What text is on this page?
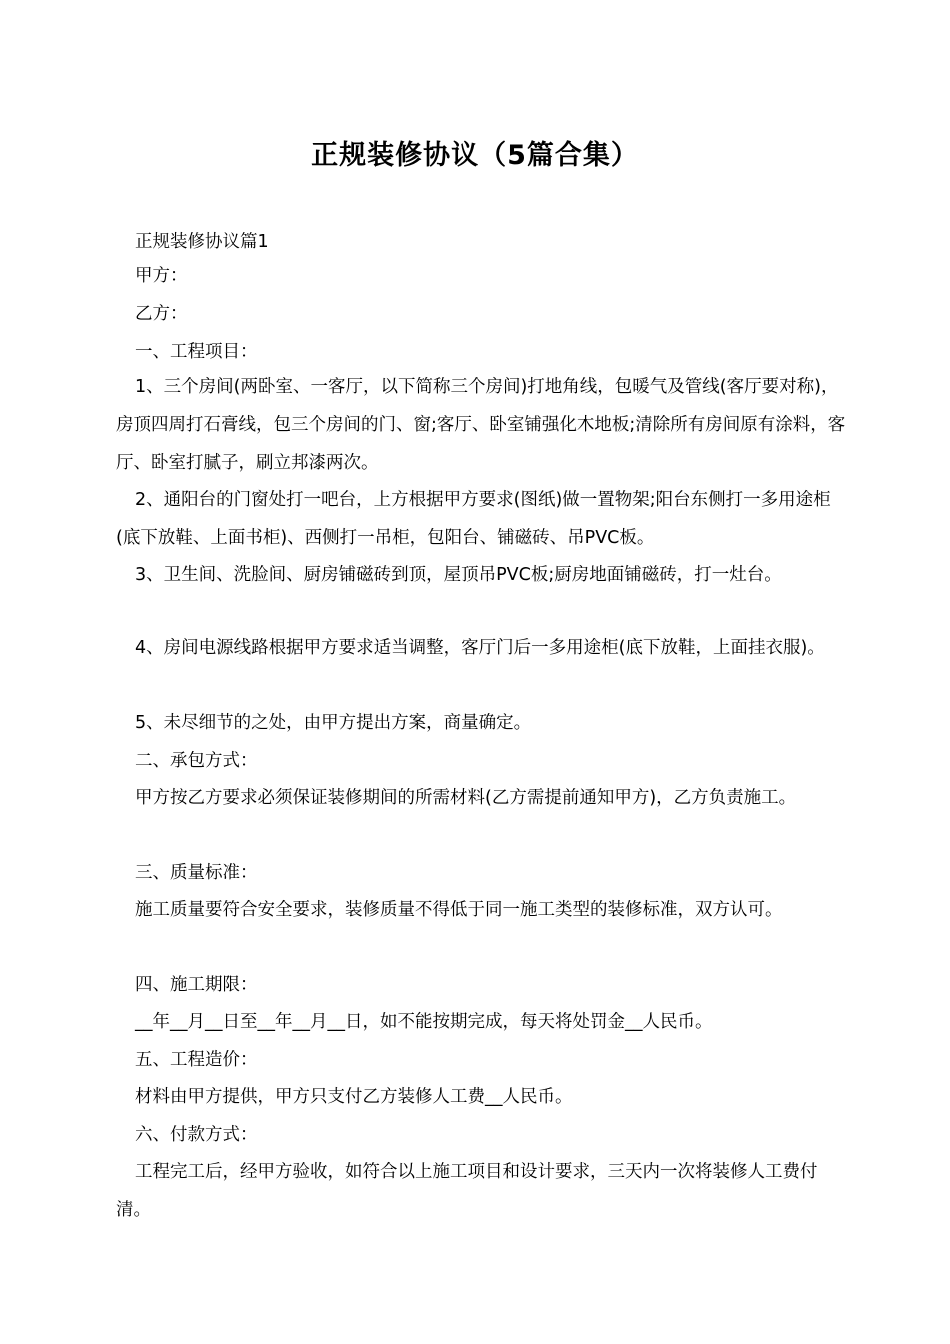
正规装修协议（5篇合集）
正规装修协议篇1
甲方：
乙方：
一、工程项目：
1、三个房间(两卧室、一客厅，以下简称三个房间)打地角线，包暖气及管线(客厅要对称)，房顶四周打石膏线，包三个房间的门、窗;客厅、卧室铺强化木地板;清除所有房间原有涂料，客厅、卧室打腻子，刷立邦漆两次。
2、通阳台的门窗处打一吧台，上方根据甲方要求(图纸)做一置物架;阳台东侧打一多用途柜(底下放鞋、上面书柜)、西侧打一吊柜，包阳台、铺磁砖、吊PVC板。
3、卫生间、洗脸间、厨房铺磁砖到顶，屋顶吊PVC板;厨房地面铺磁砖，打一灶台。
4、房间电源线路根据甲方要求适当调整，客厅门后一多用途柜(底下放鞋，上面挂衣服)。
5、未尽细节的之处，由甲方提出方案，商量确定。
二、承包方式：
甲方按乙方要求必须保证装修期间的所需材料(乙方需提前通知甲方)，乙方负责施工。
三、质量标准：
施工质量要符合安全要求，装修质量不得低于同一施工类型的装修标准，双方认可。
四、施工期限：
__年__月__日至__年__月__日，如不能按期完成，每天将处罚金__人民币。
五、工程造价：
材料由甲方提供，甲方只支付乙方装修人工费__人民币。
六、付款方式：
工程完工后，经甲方验收，如符合以上施工项目和设计要求，三天内一次将装修人工费付清。
